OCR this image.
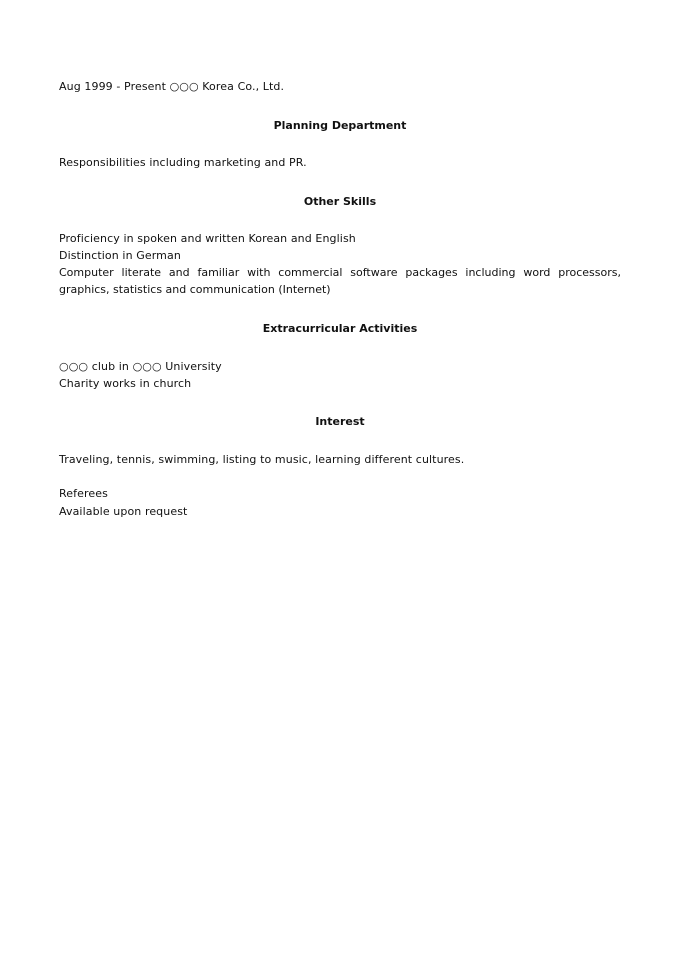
Aug 1999 - Present ○○○ Korea Co., Ltd.
Planning Department
Responsibilities including marketing and PR.
Other Skills
Proficiency in spoken and written Korean and English
Distinction in German
Computer literate and familiar with commercial software packages including word processors, graphics, statistics and communication (Internet)
Extracurricular Activities
○○○ club in ○○○ University
Charity works in church
Interest
Traveling, tennis, swimming, listing to music, learning different cultures.
Referees
Available upon request
